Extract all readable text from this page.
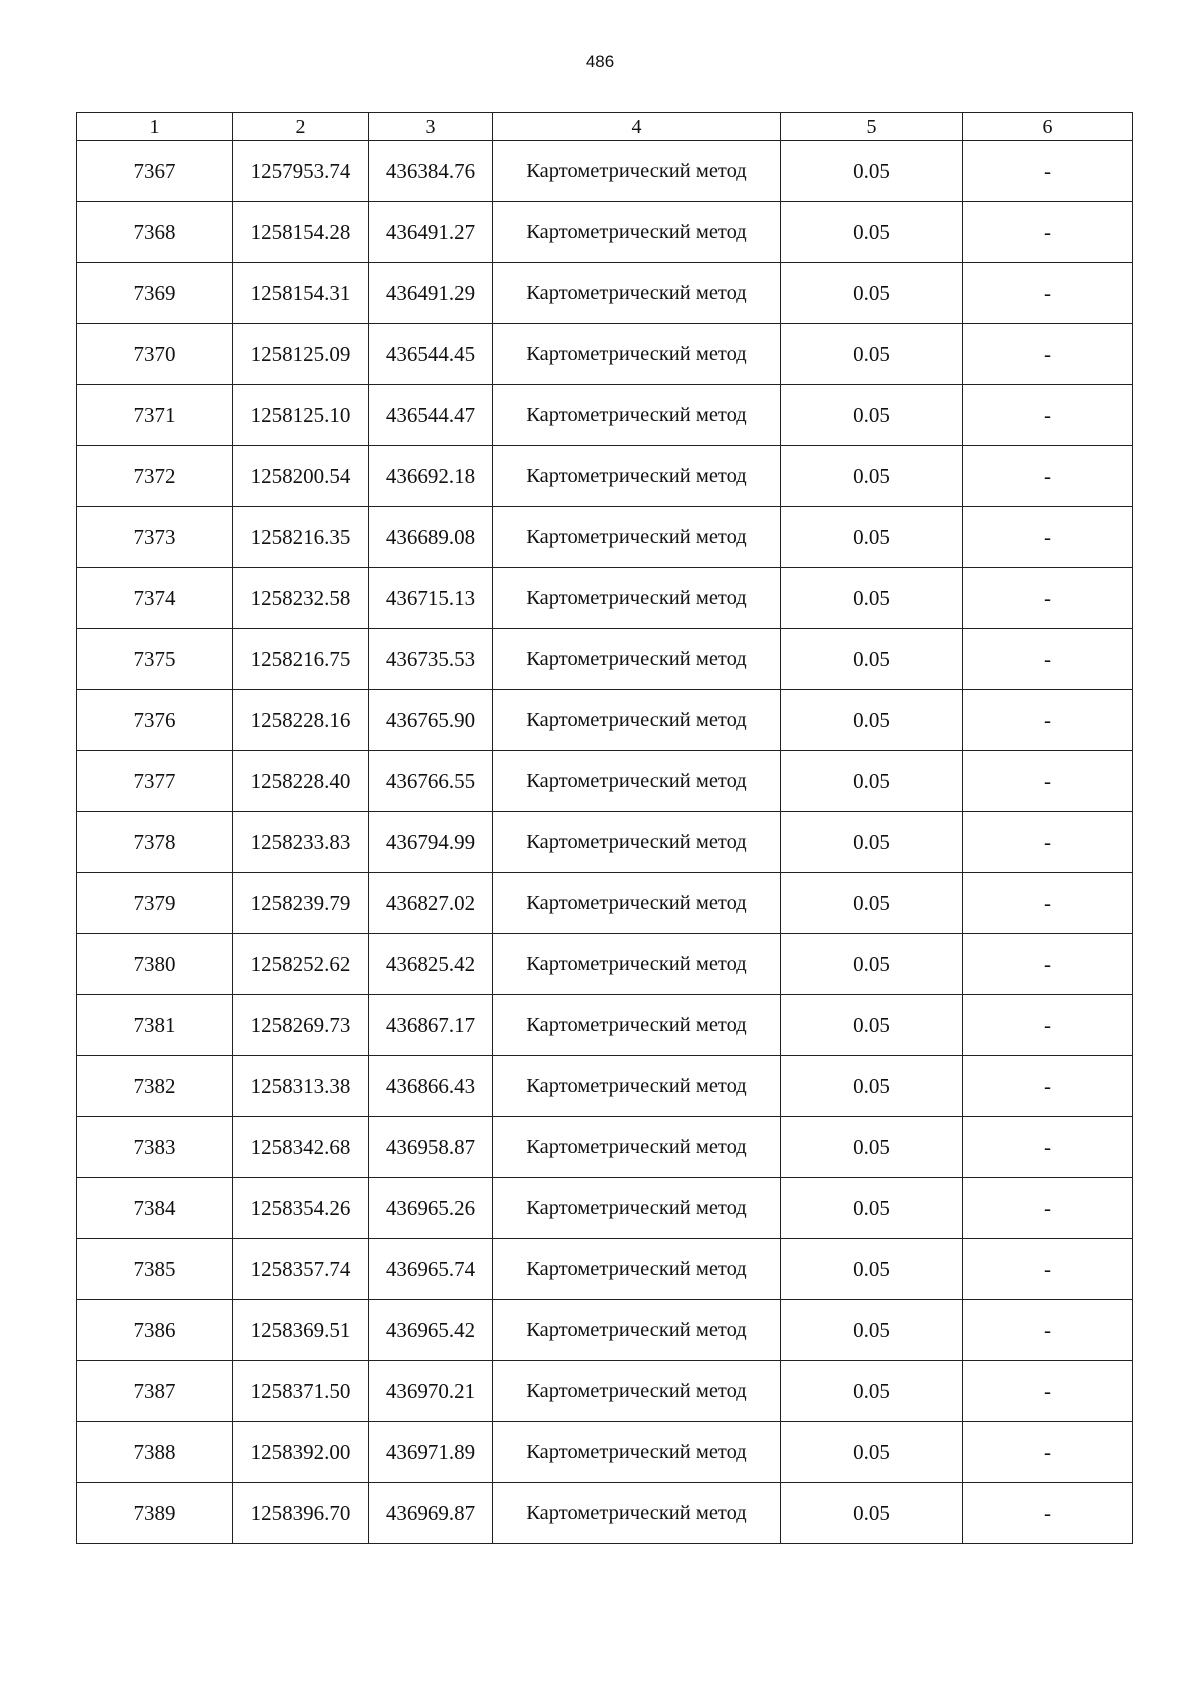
486
1	2	3	4	5	6
7367	1257953.74	436384.76	Картометрический метод	0.05	-
7368	1258154.28	436491.27	Картометрический метод	0.05	-
7369	1258154.31	436491.29	Картометрический метод	0.05	-
7370	1258125.09	436544.45	Картометрический метод	0.05	-
7371	1258125.10	436544.47	Картометрический метод	0.05	-
7372	1258200.54	436692.18	Картометрический метод	0.05	-
7373	1258216.35	436689.08	Картометрический метод	0.05	-
7374	1258232.58	436715.13	Картометрический метод	0.05	-
7375	1258216.75	436735.53	Картометрический метод	0.05	-
7376	1258228.16	436765.90	Картометрический метод	0.05	-
7377	1258228.40	436766.55	Картометрический метод	0.05	-
7378	1258233.83	436794.99	Картометрический метод	0.05	-
7379	1258239.79	436827.02	Картометрический метод	0.05	-
7380	1258252.62	436825.42	Картометрический метод	0.05	-
7381	1258269.73	436867.17	Картометрический метод	0.05	-
7382	1258313.38	436866.43	Картометрический метод	0.05	-
7383	1258342.68	436958.87	Картометрический метод	0.05	-
7384	1258354.26	436965.26	Картометрический метод	0.05	-
7385	1258357.74	436965.74	Картометрический метод	0.05	-
7386	1258369.51	436965.42	Картометрический метод	0.05	-
7387	1258371.50	436970.21	Картометрический метод	0.05	-
7388	1258392.00	436971.89	Картометрический метод	0.05	-
7389	1258396.70	436969.87	Картометрический метод	0.05	-
